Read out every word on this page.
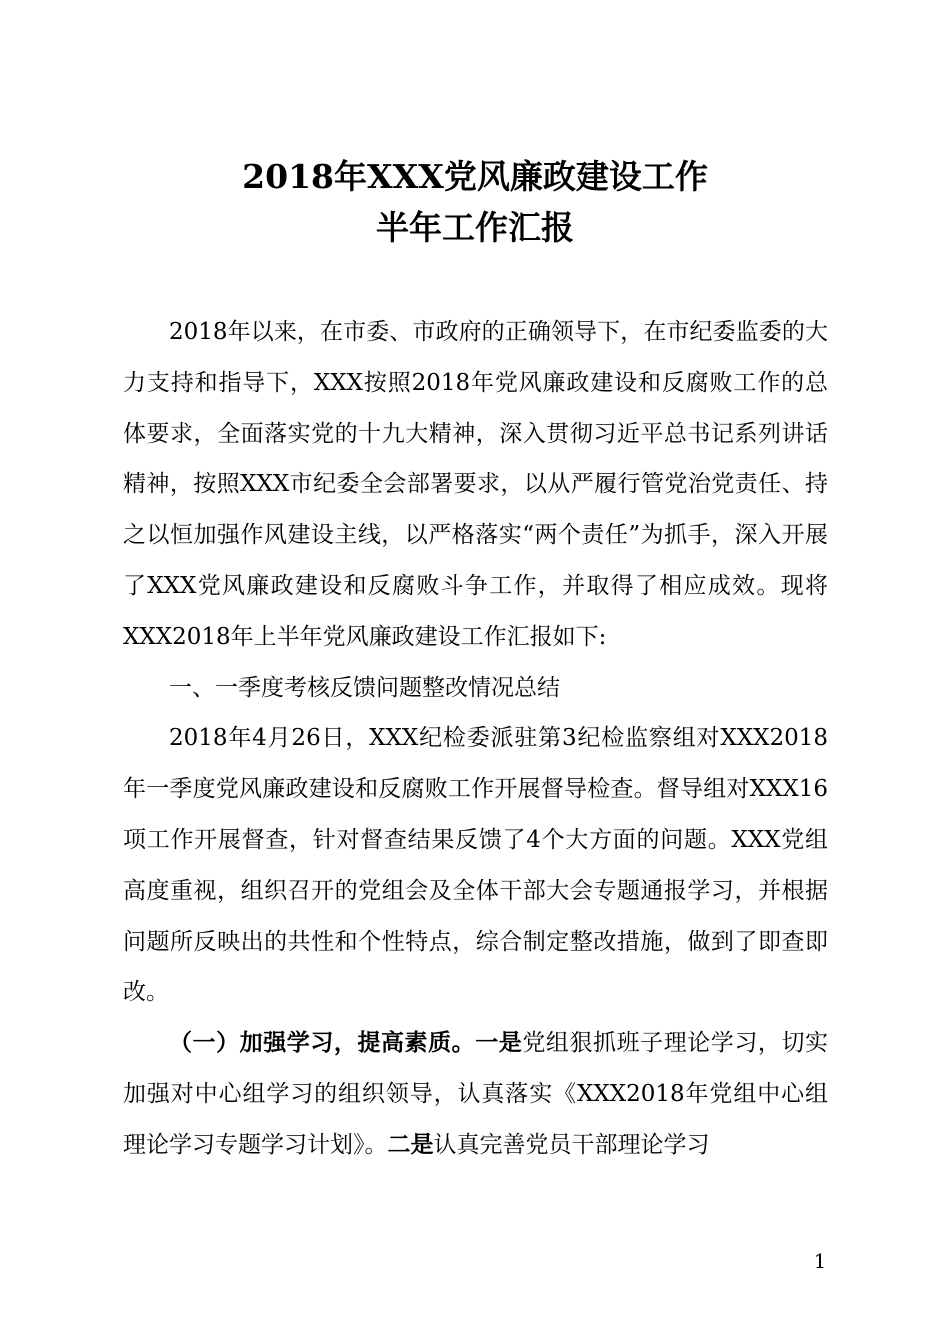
2018年XXX党风廉政建设工作
半年工作汇报

2018年以来，在市委、市政府的正确领导下，在市纪委监委的大力支持和指导下，XXX按照2018年党风廉政建设和反腐败工作的总体要求，全面落实党的十九大精神，深入贯彻习近平总书记系列讲话精神，按照XXX市纪委全会部署要求，以从严履行管党治党责任、持之以恒加强作风建设主线，以严格落实“两个责任”为抓手，深入开展了XXX党风廉政建设和反腐败斗争工作，并取得了相应成效。现将XXX2018年上半年党风廉政建设工作汇报如下:

一、一季度考核反馈问题整改情况总结

2018年4月26日，XXX纪检委派驻第3纪检监察组对XXX2018年一季度党风廉政建设和反腐败工作开展督导检查。督导组对XXX16项工作开展督查，针对督查结果反馈了4个大方面的问题。XXX党组高度重视，组织召开的党组会及全体干部大会专题通报学习，并根据问题所反映出的共性和个性特点，综合制定整改措施，做到了即查即改。

（一）加强学习，提高素质。一是党组狠抓班子理论学习，切实加强对中心组学习的组织领导，认真落实《XXX2018年党组中心组理论学习专题学习计划》。二是认真完善党员干部理论学习

1
